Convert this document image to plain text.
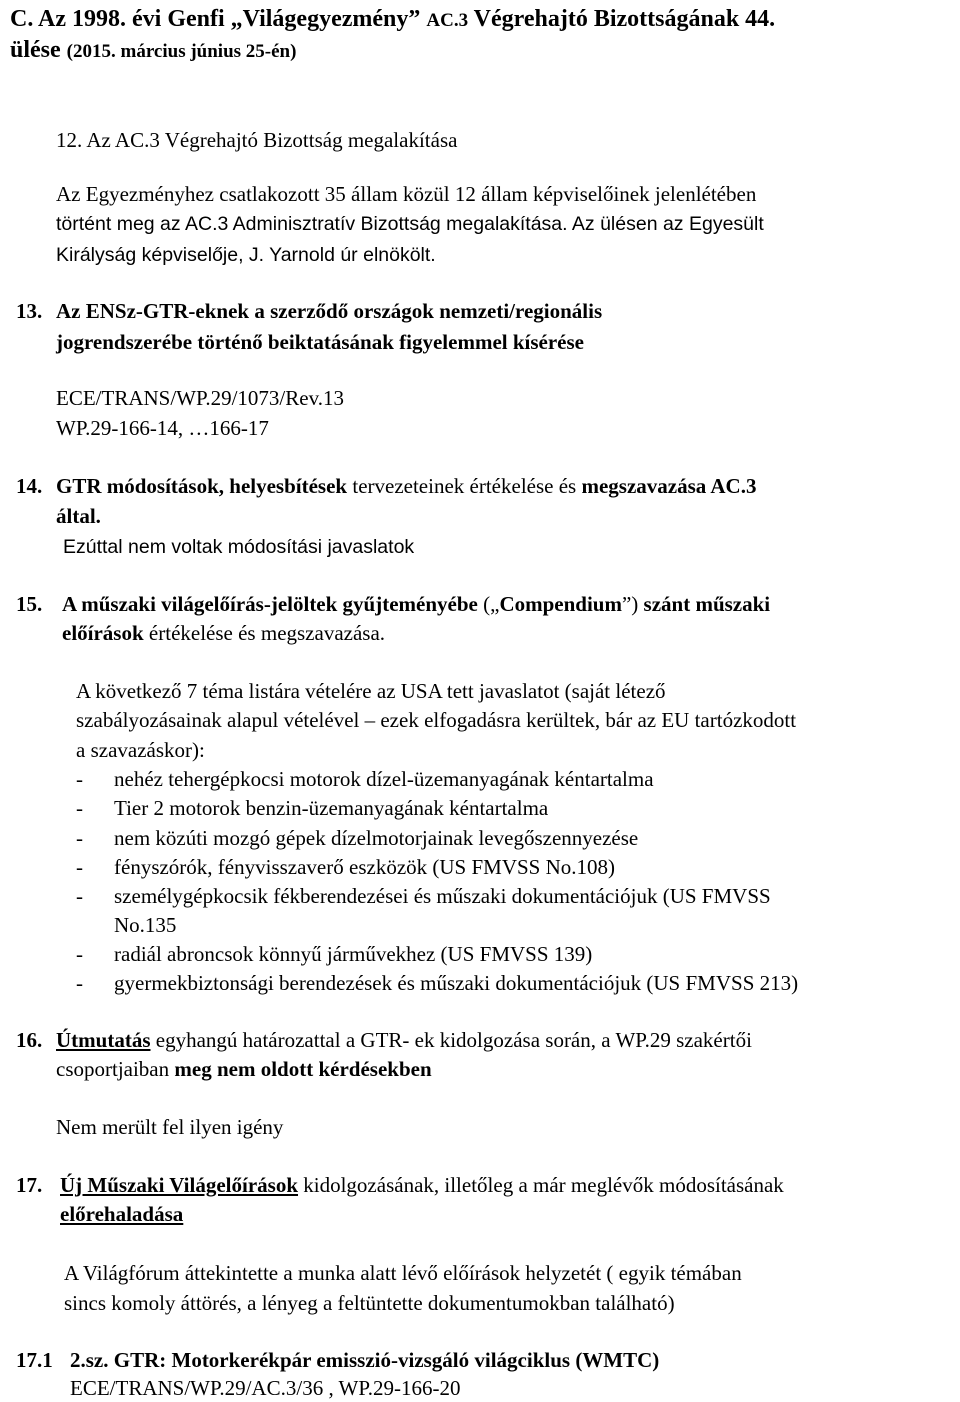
C. Az 1998. évi Genfi „Világegyezmény” AC.3 Végrehajtó Bizottságának 44.
ülése (2015. március június 25-én)
12. Az AC.3 Végrehajtó Bizottság megalakítása
Az Egyezményhez csatlakozott 35 állam közül 12 állam képviselőinek jelenlétében
történt meg az AC.3 Adminisztratív Bizottság megalakítása. Az ülésen az Egyesült
Királyság képviselője, J. Yarnold úr elnökölt.
13. Az ENSz-GTR-eknek a szerződő országok nemzeti/regionális
jogrendszerébe történő beiktatásának figyelemmel kísérése
ECE/TRANS/WP.29/1073/Rev.13
WP.29-166-14, …166-17
14. GTR módosítások, helyesbítések tervezeteinek értékelése és megszavazása AC.3
által.
Ezúttal nem voltak módosítási javaslatok
15. A műszaki világelőírás-jelöltek gyűjteményébe („Compendium”) szánt műszaki
előírások értékelése és megszavazása.
A következő 7 téma listára vételére az USA tett javaslatot (saját létező
szabályozásainak alapul vételével – ezek elfogadásra kerültek, bár az EU tartózkodott
a szavazáskor):
- nehéz tehergépkocsi motorok dízel-üzemanyagának kéntartalma
- Tier 2 motorok benzin-üzemanyagának kéntartalma
- nem közúti mozgó gépek dízelmotorjainak levegőszennyezése
- fényszórók, fényvisszaverő eszközök (US FMVSS No.108)
- személygépkocsik fékberendezései és műszaki dokumentációjuk (US FMVSS
No.135
- radiál abroncsok könnyű járművekhez (US FMVSS 139)
- gyermekbiztonsági berendezések és műszaki dokumentációjuk (US FMVSS 213)
16. Útmutatás egyhangú határozattal a GTR- ek kidolgozása során, a WP.29 szakértői
csoportjaiban meg nem oldott kérdésekben
Nem merült fel ilyen igény
17. Új Műszaki Világelőírások kidolgozásának, illetőleg a már meglévők módosításának
előrehaladása
A Világfórum áttekintette a munka alatt lévő előírások helyzetét ( egyik témában
sincs komoly áttörés, a lényeg a feltüntette dokumentumokban található)
17.1 2.sz. GTR: Motorkerékpár emisszió-vizsgáló világciklus (WMTC)
ECE/TRANS/WP.29/AC.3/36 , WP.29-166-20
